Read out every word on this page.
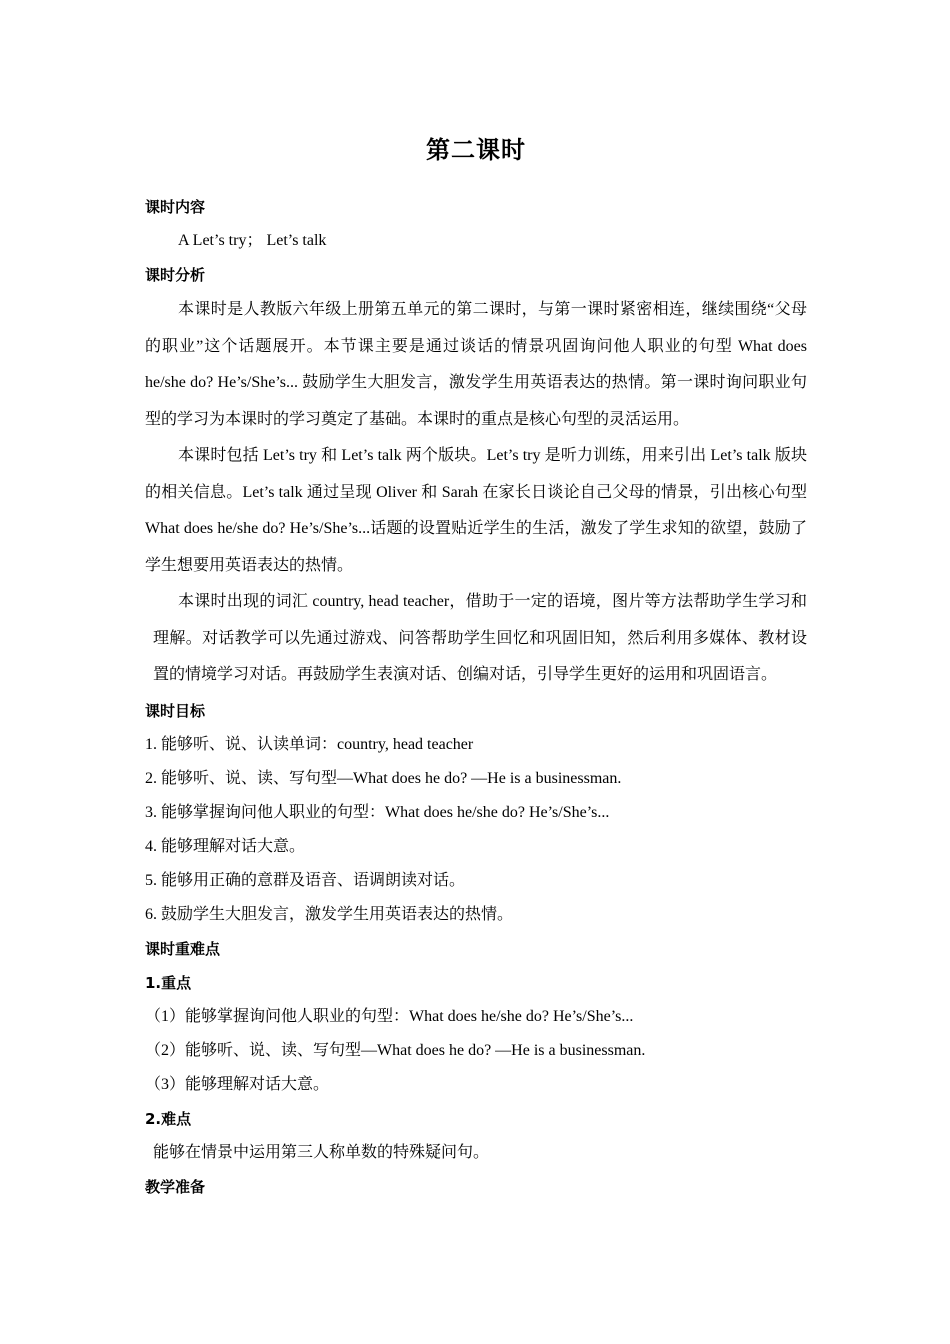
第二课时
课时内容
A Let’s try； Let’s talk
课时分析

本课时是人教版六年级上册第五单元的第二课时，与第一课时紧密相连，继续围绕“父母的职业”这个话题展开。本节课主要是通过谈话的情景巩固询问他人职业的句型 What does he/she do? He’s/She’s... 鼓励学生大胆发言，激发学生用英语表达的热情。第一课时询问职业句型的学习为本课时的学习奠定了基础。本课时的重点是核心句型的灵活运用。

本课时包括 Let’s try 和 Let’s talk 两个版块。Let’s try 是听力训练，用来引出 Let’s talk 版块的相关信息。Let’s talk 通过呈现 Oliver 和 Sarah 在家长日谈论自己父母的情景，引出核心句型 What does he/she do? He’s/She’s...话题的设置贴近学生的生活，激发了学生求知的欲望，鼓励了学生想要用英语表达的热情。

本课时出现的词汇 country, head teacher，借助于一定的语境，图片等方法帮助学生学习和理解。对话教学可以先通过游戏、问答帮助学生回忆和巩固旧知，然后利用多媒体、教材设置的情境学习对话。再鼓励学生表演对话、创编对话，引导学生更好的运用和巩固语言。

课时目标
1. 能够听、说、认读单词：country, head teacher
2. 能够听、说、读、写句型—What does he do? —He is a businessman.
3. 能够掌握询问他人职业的句型：What does he/she do? He’s/She’s...
4. 能够理解对话大意。
5. 能够用正确的意群及语音、语调朗读对话。
6. 鼓励学生大胆发言，激发学生用英语表达的热情。
课时重难点
1.重点
（1）能够掌握询问他人职业的句型：What does he/she do? He’s/She’s...
（2）能够听、说、读、写句型—What does he do? —He is a businessman.
（3）能够理解对话大意。
2.难点
能够在情景中运用第三人称单数的特殊疑问句。
教学准备
